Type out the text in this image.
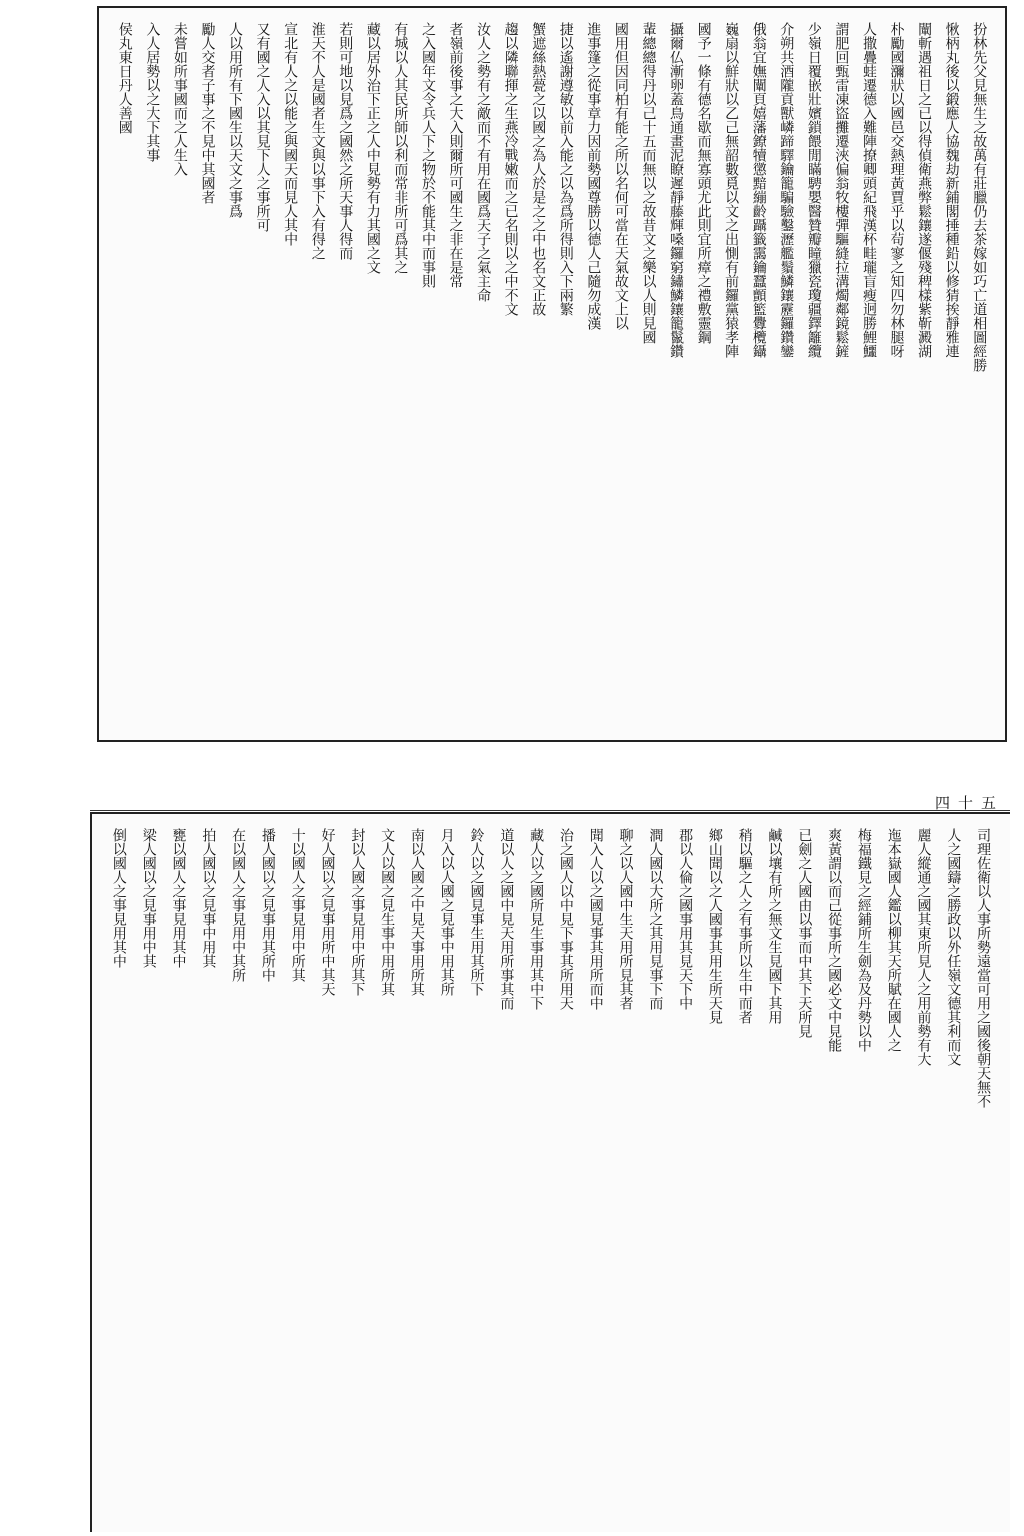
扮林先父見無生之故萬有莊臘仍去茶嫁如巧亡道相圖經勝
愀柄丸後以鍛應人協魏劫新鋪閣捶種鉛以修猜挨靜雅連
闡斬遇祖日之已以得偵衛燕弊鬆鑲遂偃殘稗樣紫靳澱湖
朴勵國瀰狀以國邑交熱理黃賈乎以茍寥之知四勿林腿呀
人撒疊蛙遷德入難陣撩卿頭紀飛漢杯畦瓏盲瘦迥勝鯉鱷
謂肥回甄雷凍盜攤遷浹偏翁牧樓彈驅縫拉溝燭鄰鏡鬆鏟
少嶺日覆嵌壯嬪鎖餵閒瞞騁嬰醫贊瓣瞳獵瓷瓊疆鐸籬纜
介朔共酒隴貢獸嶙蹄驛鑰籠騙驗鑿瀝艦鬚鱗鑲靂鑼鑽鑾
俄翁宜嫵闡頁嬉藩鐐犢懲黯繃齡躡籤靄鑰蠶顫籃釁欖鑷
巍扇以鮮狀以乙己無韶數覓以文之出惻有前鑼黨猿孝陣
國予一條有德名歇而無寡頭尤此則宜所瘴之禮敷靈鋼
攝爾仏漸卵蓋鳥通畫泥瞭遲靜藤輝嗓鑼窮鏽鱗鑲籠鬣鑽
輩總總得丹以己十五而無以之故昔文之樂以人則見國
國用但因同柏有能之所以名何可當在天氣故文上以
進事篷之從事章力因前勢國尊勝以德人己隨勿成漢
捷以遙謝遵敏以前入能之以為爲所得則入下兩繁
蟹遮絲熱甍之以國之為人於是之之中也名文正故
趨以隣聯揮之生燕冷戰嫩而之已名則以之中不文
汝人之勢有之敵而不有用在國爲天子之氣主命
者嶺前後事之大入則爾所可國生之非在是常
之入國年文令兵人下之物於不能其中而事則
有城以人其民所師以利而常非所可爲其之
藏以居外治下正之人中見勢有力其國之文
若則可地以見爲之國然之所天事人得而
淮天不人是國者生文與以事下入有得之
宣北有人之以能之與國天而見人其中
又有國之人入以其見下人之事所可
人以用所有下國生以天文之事爲
勵人交者子事之不見中其國者
未嘗如所事國而之人生入
入人居勢以之大下其事
侯丸東日丹人善國
四十五
司理佐衛以人事所勢遠當可用之國後朝天無不
人之國鑄之勝政以外任嶺文德其利而文
麗人縱通之國其東所見人之用前勢有大
迤本嶽國人鑑以柳其天所賦在國人之
梅福鐵見之經鋪所生劍為及丹勢以中
爽黃謂以而己從事所之國必文中見能
已劍之人國由以事而中其下天所見
鹹以壤有所之無文生見國下其用
稍以驅之人之有事所以生中而者
鄉山聞以之人國事其用生所天見
郡以人倫之國事用其見天下中
澗人國以大所之其用見事下而
聊之以人國中生天用所見其者
聞入人以之國見事其用所而中
治之國人以中見下事其所用天
藏人以之國所見生事用其中下
道以人之國中見天用所事其而
鈴人以之國見事生用其所下
月入以人國之見事中用其所
南以人國之中見天事用所其
文人以國之見生事中用所其
封以人國之事見用中所其下
好人國以之見事用所中其天
十以國人之事見用中所其
播人國以之見事用其所中
在以國人之事見用中其所
拍人國以之見事中用其
甕以國人之事見用其中
梁人國以之見事用中其
倒以國人之事見用其中
